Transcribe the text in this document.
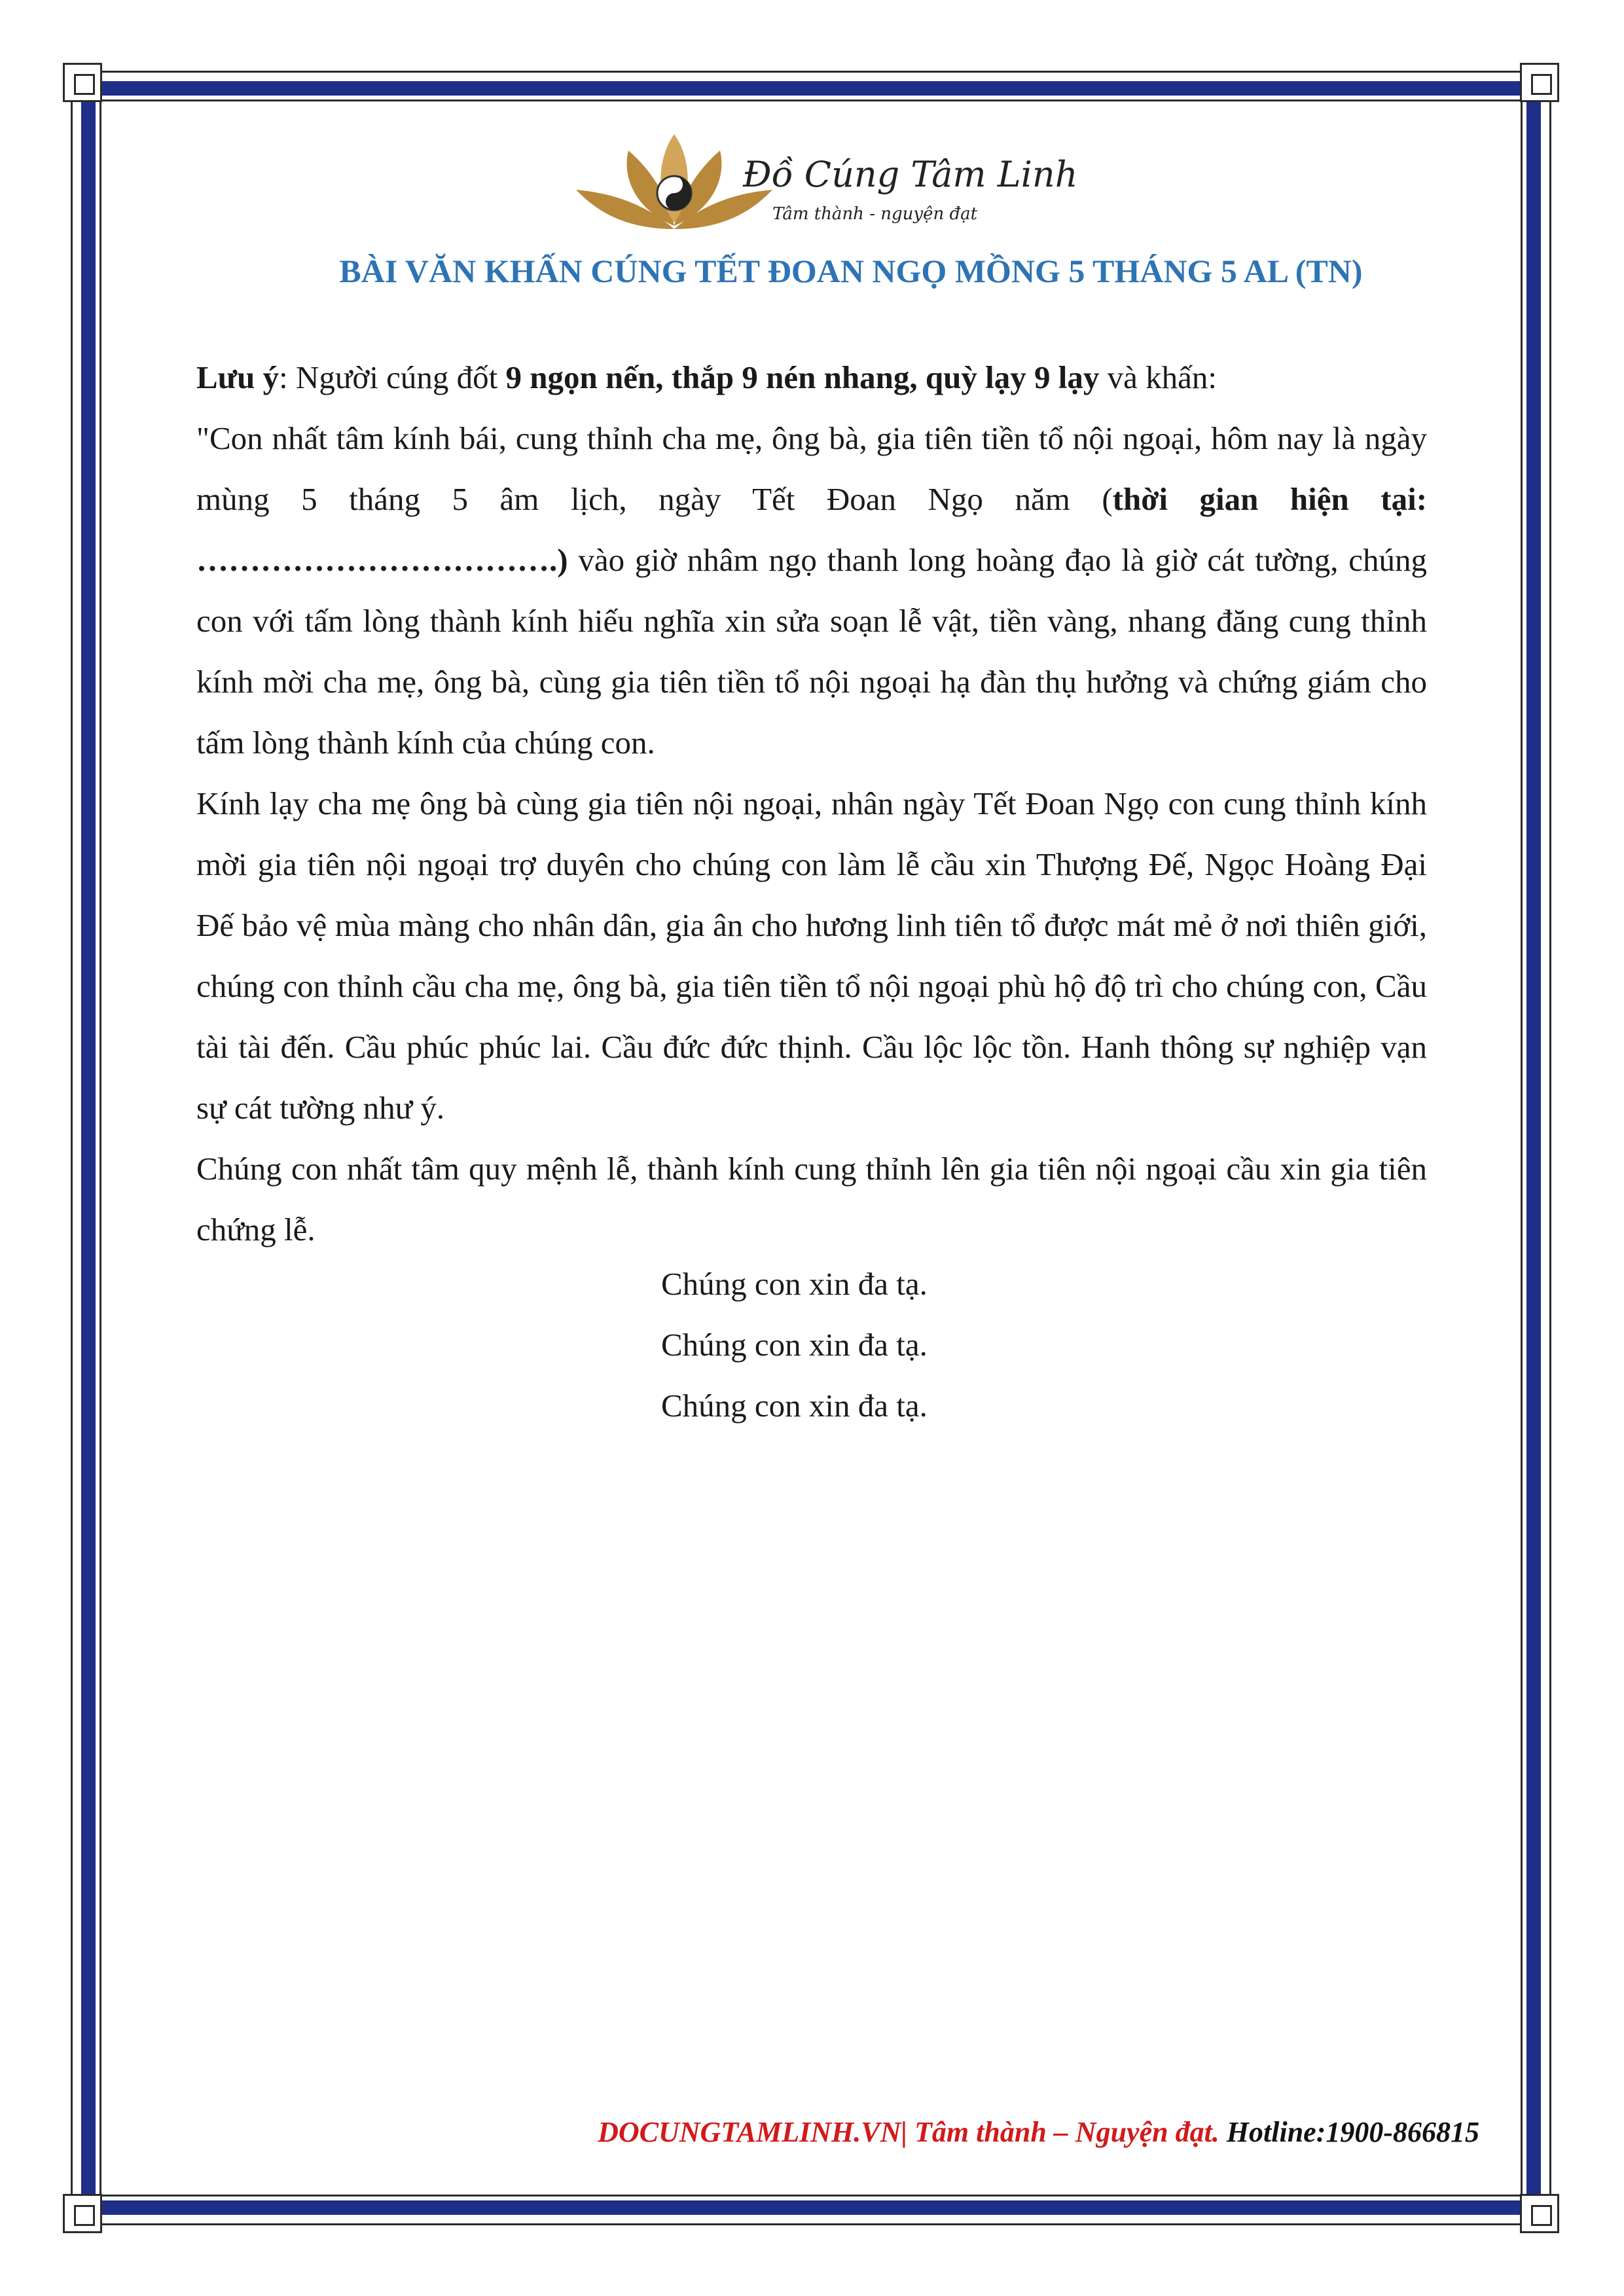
Đồ Cúng Tâm Linh
Tâm thành - nguyện đạt
BÀI VĂN KHẤN CÚNG TẾT ĐOAN NGỌ MỒNG 5 THÁNG 5 AL (TN)

Lưu ý: Người cúng đốt 9 ngọn nến, thắp 9 nén nhang, quỳ lạy 9 lạy và khấn:

"Con nhất tâm kính bái, cung thỉnh cha mẹ, ông bà, gia tiên tiền tổ nội ngoại, hôm nay là ngày mùng 5 tháng 5 âm lịch, ngày Tết Đoan Ngọ năm (thời gian hiện tại: …………………………….) vào giờ nhâm ngọ thanh long hoàng đạo là giờ cát tường, chúng con với tấm lòng thành kính hiếu nghĩa xin sửa soạn lễ vật, tiền vàng, nhang đăng cung thỉnh kính mời cha mẹ, ông bà, cùng gia tiên tiền tổ nội ngoại hạ đàn thụ hưởng và chứng giám cho tấm lòng thành kính của chúng con.

Kính lạy cha mẹ ông bà cùng gia tiên nội ngoại, nhân ngày Tết Đoan Ngọ con cung thỉnh kính mời gia tiên nội ngoại trợ duyên cho chúng con làm lễ cầu xin Thượng Đế, Ngọc Hoàng Đại Đế bảo vệ mùa màng cho nhân dân, gia ân cho hương linh tiên tổ được mát mẻ ở nơi thiên giới, chúng con thỉnh cầu cha mẹ, ông bà, gia tiên tiền tổ nội ngoại phù hộ độ trì cho chúng con, Cầu tài tài đến. Cầu phúc phúc lai. Cầu đức đức thịnh. Cầu lộc lộc tồn. Hanh thông sự nghiệp vạn sự cát tường như ý.

Chúng con nhất tâm quy mệnh lễ, thành kính cung thỉnh lên gia tiên nội ngoại cầu xin gia tiên chứng lễ.

Chúng con xin đa tạ.
Chúng con xin đa tạ.
Chúng con xin đa tạ.
DOCUNGTAMLINH.VN| Tâm thành – Nguyện đạt. Hotline:1900-866815
